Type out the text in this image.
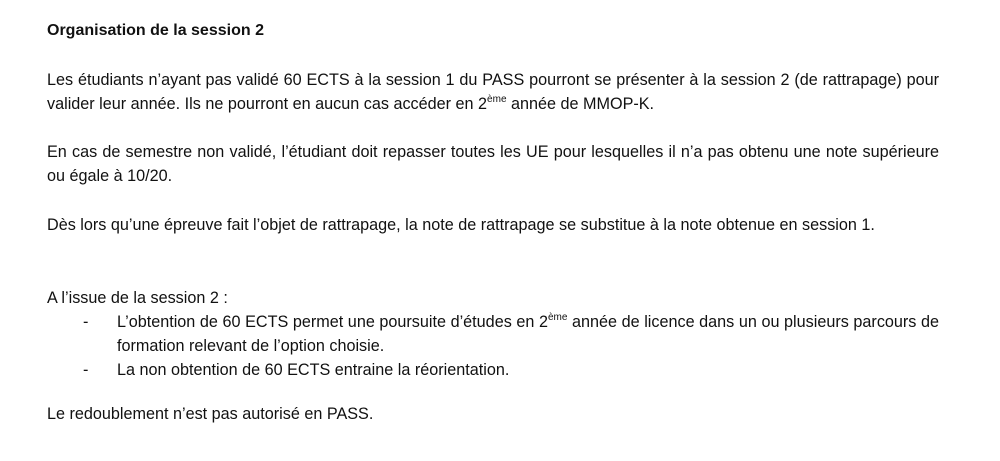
Organisation de la session 2
Les étudiants n’ayant pas validé 60 ECTS à la session 1 du PASS pourront se présenter à la session 2 (de rattrapage) pour valider leur année. Ils ne pourront en aucun cas accéder en 2ème année de MMOP-K.
En cas de semestre non validé, l’étudiant doit repasser toutes les UE pour lesquelles il n’a pas obtenu une note supérieure ou égale à 10/20.
Dès lors qu’une épreuve fait l’objet de rattrapage, la note de rattrapage se substitue à la note obtenue en session 1.
A l’issue de la session 2 :
- L’obtention de 60 ECTS permet une poursuite d’études en 2ème année de licence dans un ou plusieurs parcours de formation relevant de l’option choisie.
- La non obtention de 60 ECTS entraine la réorientation.
Le redoublement n’est pas autorisé en PASS.
